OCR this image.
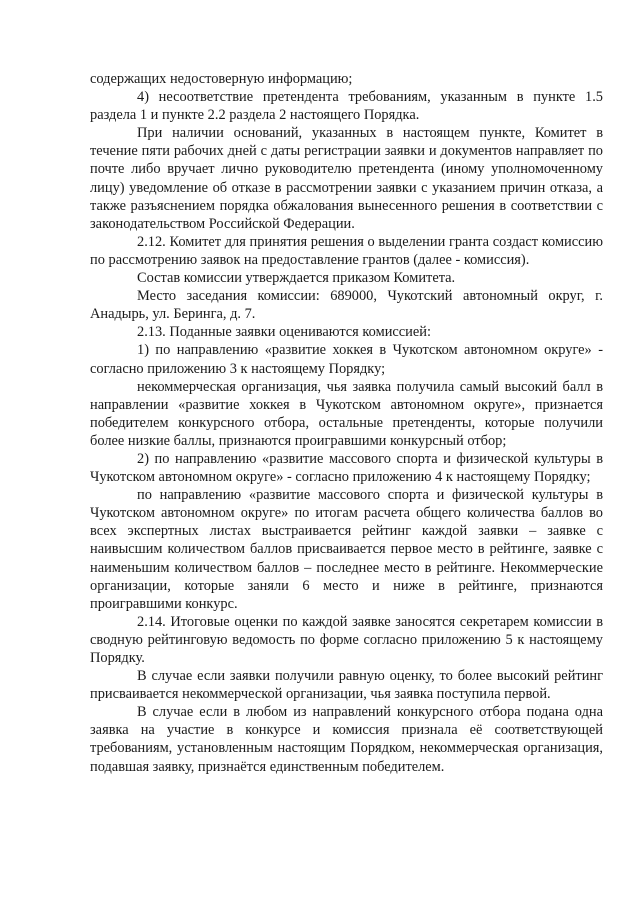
содержащих недостоверную информацию;

4) несоответствие претендента требованиям, указанным в пункте 1.5 раздела 1 и пункте 2.2 раздела 2 настоящего Порядка.

При наличии оснований, указанных в настоящем пункте, Комитет в течение пяти рабочих дней с даты регистрации заявки и документов направляет по почте либо вручает лично руководителю претендента (иному уполномоченному лицу) уведомление об отказе в рассмотрении заявки с указанием причин отказа, а также разъяснением порядка обжалования вынесенного решения в соответствии с законодательством Российской Федерации.

2.12. Комитет для принятия решения о выделении гранта создаст комиссию по рассмотрению заявок на предоставление грантов (далее - комиссия).

Состав комиссии утверждается приказом Комитета.

Место заседания комиссии: 689000, Чукотский автономный округ, г. Анадырь, ул. Беринга, д. 7.

2.13. Поданные заявки оцениваются комиссией:

1) по направлению «развитие хоккея в Чукотском автономном округе» - согласно приложению 3 к настоящему Порядку;

некоммерческая организация, чья заявка получила самый высокий балл в направлении «развитие хоккея в Чукотском автономном округе», признается победителем конкурсного отбора, остальные претенденты, которые получили более низкие баллы, признаются проигравшими конкурсный отбор;

2) по направлению «развитие массового спорта и физической культуры в Чукотском автономном округе» - согласно приложению 4 к настоящему Порядку;

по направлению «развитие массового спорта и физической культуры в Чукотском автономном округе» по итогам расчета общего количества баллов во всех экспертных листах выстраивается рейтинг каждой заявки – заявке с наивысшим количеством баллов присваивается первое место в рейтинге, заявке с наименьшим количеством баллов – последнее место в рейтинге. Некоммерческие организации, которые заняли 6 место и ниже в рейтинге, признаются проигравшими конкурс.

2.14. Итоговые оценки по каждой заявке заносятся секретарем комиссии в сводную рейтинговую ведомость по форме согласно приложению 5 к настоящему Порядку.

В случае если заявки получили равную оценку, то более высокий рейтинг присваивается некоммерческой организации, чья заявка поступила первой.

В случае если в любом из направлений конкурсного отбора подана одна заявка на участие в конкурсе и комиссия признала её соответствующей требованиям, установленным настоящим Порядком, некоммерческая организация, подавшая заявку, признаётся единственным победителем.
